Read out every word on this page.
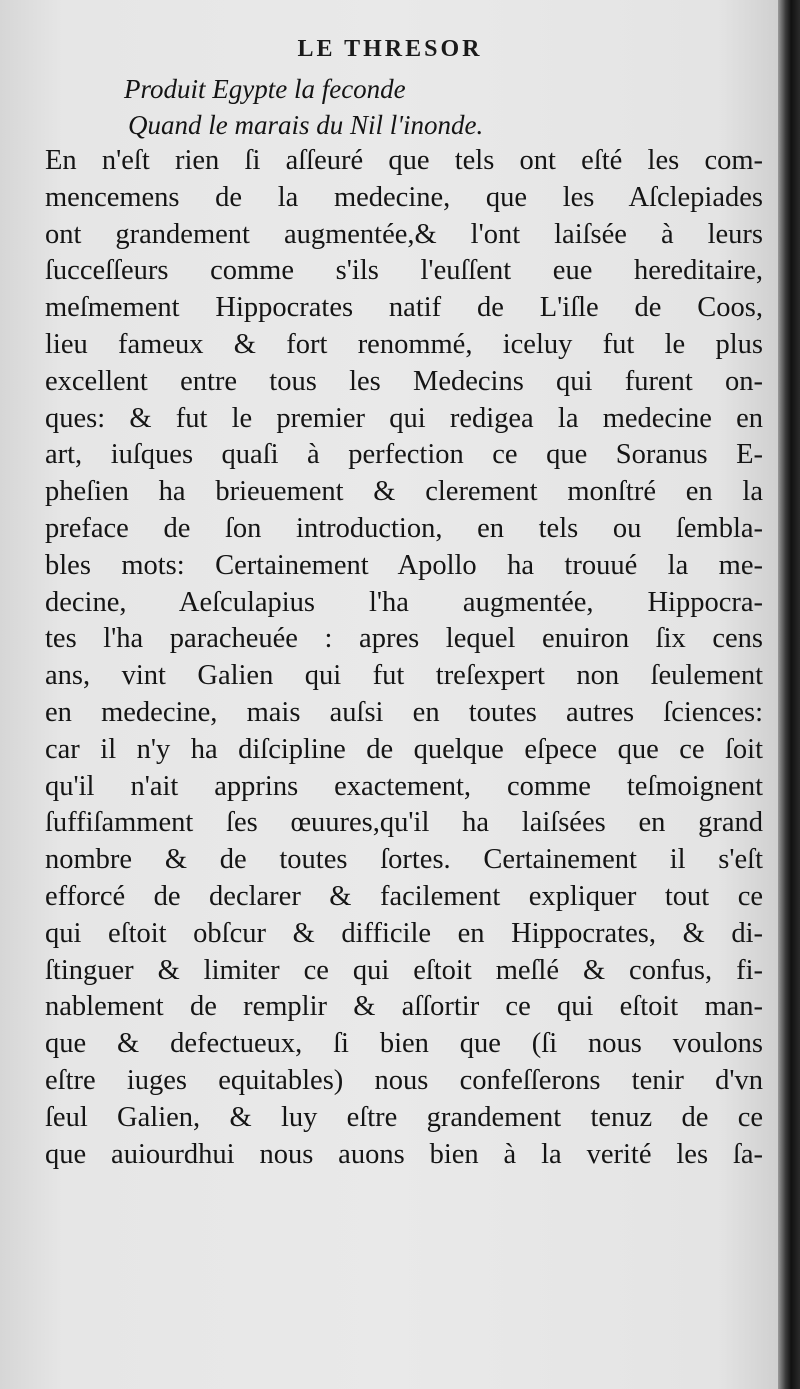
LE THRESOR
Produit Egypte la feconde
Quand le marais du Nil l'inonde.
En n'eſt rien ſi aſſeuré que tels ont eſté les com-
mencemens de la medecine, que les Aſclepiades
ont grandement augmentée,& l'ont laiſsée à leurs
ſucceſſeurs comme s'ils l'euſſent eue hereditaire,
meſmement Hippocrates natif de L'iſle de Coos,
lieu fameux & fort renommé, iceluy fut le plus
excellent entre tous les Medecins qui furent on-
ques: & fut le premier qui redigea la medecine en
art, iuſques quaſi à perfection ce que Soranus E-
pheſien ha brieuement & clerement monſtré en la
preface de ſon introduction, en tels ou ſembla-
bles mots: Certainement Apollo ha trouué la me-
decine, Aeſculapius l'ha augmentée, Hippocra-
tes l'ha paracheuée : apres lequel enuiron ſix cens
ans, vint Galien qui fut treſexpert non ſeulement
en medecine, mais auſsi en toutes autres ſciences:
car il n'y ha diſcipline de quelque eſpece que ce ſoit
qu'il n'ait apprins exactement, comme teſmoignent
ſuffiſamment ſes œuures,qu'il ha laiſsées en grand
nombre & de toutes ſortes. Certainement il s'eſt
efforcé de declarer & facilement expliquer tout ce
qui eſtoit obſcur & difficile en Hippocrates, & di-
ſtinguer & limiter ce qui eſtoit meſlé & confus, fi-
nablement de remplir & aſſortir ce qui eſtoit man-
que & defectueux, ſi bien que (ſi nous voulons
eſtre iuges equitables) nous confeſſerons tenir d'vn
ſeul Galien, & luy eſtre grandement tenuz de ce
que auiourdhui nous auons bien à la verité les ſa-
